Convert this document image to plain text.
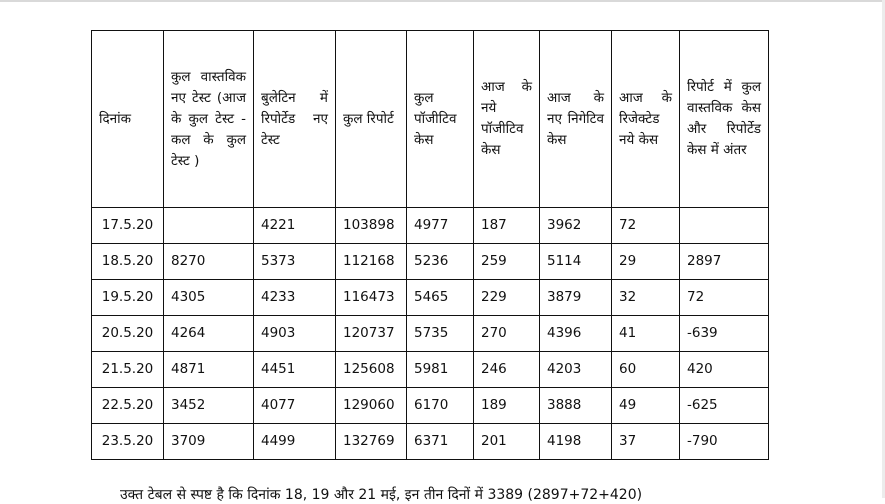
दिनांक	कुल वास्तविक नए टेस्ट (आज के कुल टेस्ट - कल के कुल टेस्ट )	बुलेटिन में रिपोर्टेड नए टेस्ट	कुल रिपोर्ट	कुल पॉजीटिव केस	आज के नये पॉजीटिव केस	आज के नए निगेटिव केस	आज के रिजेक्टेड नये केस	रिपोर्ट में कुल वास्तविक केस और रिपोर्टेड केस में अंतर
17.5.20		4221	103898	4977	187	3962	72	
18.5.20	8270	5373	112168	5236	259	5114	29	2897
19.5.20	4305	4233	116473	5465	229	3879	32	72
20.5.20	4264	4903	120737	5735	270	4396	41	-639
21.5.20	4871	4451	125608	5981	246	4203	60	420
22.5.20	3452	4077	129060	6170	189	3888	49	-625
23.5.20	3709	4499	132769	6371	201	4198	37	-790
उक्त टेबल से स्पष्ट है कि दिनांक 18, 19 और 21 मई, इन तीन दिनों में 3389 (2897+72+420)
